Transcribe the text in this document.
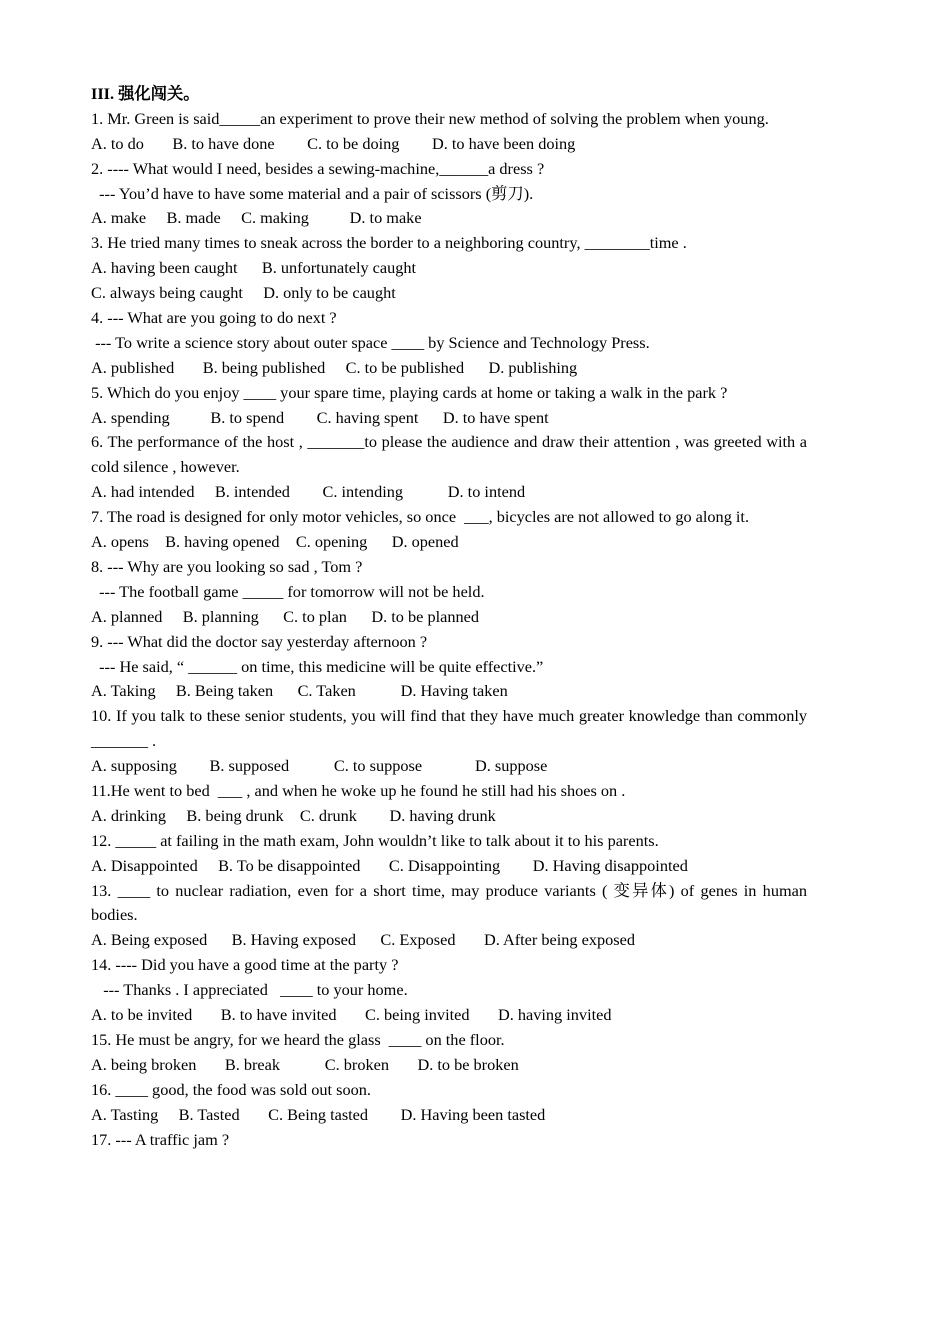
III. 强化闯关。
1. Mr. Green is said_____an experiment to prove their new method of solving the problem when young.
A. to do       B. to have done        C. to be doing        D. to have been doing
2. ---- What would I need, besides a sewing-machine,______a dress ?
--- You’d have to have some material and a pair of scissors (剪刀).
A. make     B. made     C. making          D. to make
3. He tried many times to sneak across the border to a neighboring country, ________time .
A. having been caught      B. unfortunately caught
C. always being caught     D. only to be caught
4. --- What are you going to do next ?
--- To write a science story about outer space ____ by Science and Technology Press.
A. published       B. being published     C. to be published      D. publishing
5. Which do you enjoy ____ your spare time, playing cards at home or taking a walk in the park ?
A. spending          B. to spend        C. having spent      D. to have spent
6. The performance of the host , _______to please the audience and draw their attention , was greeted with a cold silence , however.
A. had intended     B. intended        C. intending           D. to intend
7. The road is designed for only motor vehicles, so once  ___, bicycles are not allowed to go along it.
A. opens    B. having opened    C. opening      D. opened
8. --- Why are you looking so sad , Tom ?
--- The football game _____ for tomorrow will not be held.
A. planned     B. planning      C. to plan      D. to be planned
9. --- What did the doctor say yesterday afternoon ?
--- He said, “ ______ on time, this medicine will be quite effective.”
A. Taking     B. Being taken      C. Taken           D. Having taken
10. If you talk to these senior students, you will find that they have much greater knowledge than commonly _______ .
A. supposing        B. supposed           C. to suppose             D. suppose
11.He went to bed  ___ , and when he woke up he found he still had his shoes on .
A. drinking     B. being drunk    C. drunk        D. having drunk
12. _____ at failing in the math exam, John wouldn’t like to talk about it to his parents.
A. Disappointed     B. To be disappointed       C. Disappointing        D. Having disappointed
13. ____ to nuclear radiation, even for a short time, may produce variants ( 变异体) of genes in human bodies.
A. Being exposed      B. Having exposed      C. Exposed       D. After being exposed
14. ---- Did you have a good time at the party ?
--- Thanks . I appreciated   ____ to your home.
A. to be invited       B. to have invited       C. being invited       D. having invited
15. He must be angry, for we heard the glass  ____ on the floor.
A. being broken       B. break           C. broken       D. to be broken
16. ____ good, the food was sold out soon.
A. Tasting     B. Tasted       C. Being tasted        D. Having been tasted
17. --- A traffic jam ?
